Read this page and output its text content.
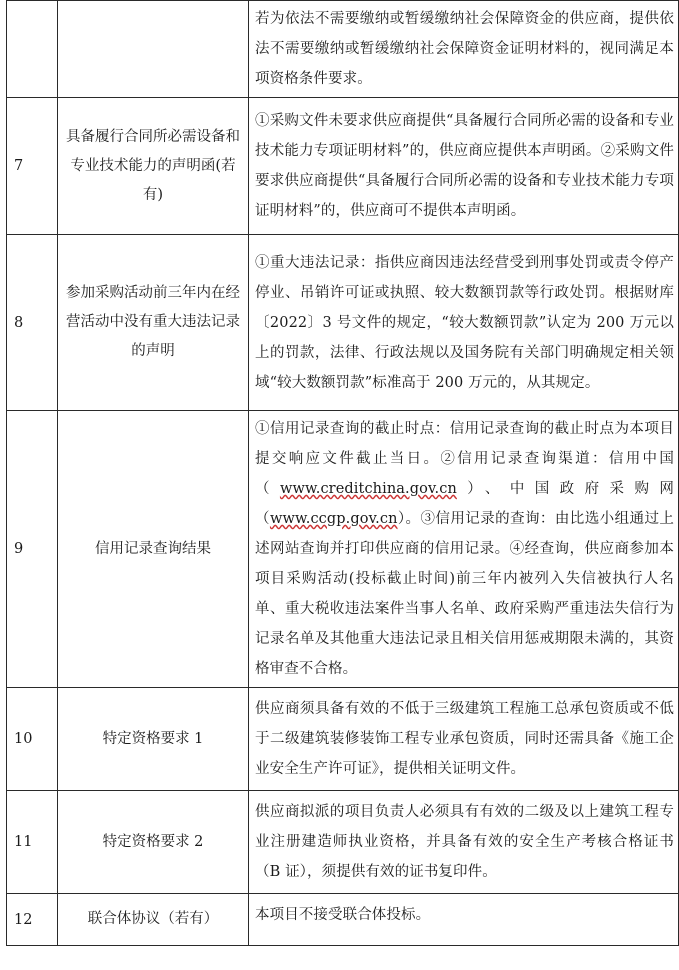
		若为依法不需要缴纳或暂缓缴纳社会保障资金的供应商，提供依法不需要缴纳或暂缓缴纳社会保障资金证明材料的，视同满足本项资格条件要求。
7	具备履行合同所必需设备和专业技术能力的声明函(若有)	①采购文件未要求供应商提供“具备履行合同所必需的设备和专业技术能力专项证明材料”的，供应商应提供本声明函。②采购文件要求供应商提供“具备履行合同所必需的设备和专业技术能力专项证明材料”的，供应商可不提供本声明函。
8	参加采购活动前三年内在经营活动中没有重大违法记录的声明	①重大违法记录：指供应商因违法经营受到刑事处罚或责令停产停业、吊销许可证或执照、较大数额罚款等行政处罚。根据财库〔2022〕3 号文件的规定，“较大数额罚款”认定为 200 万元以上的罚款，法律、行政法规以及国务院有关部门明确规定相关领域“较大数额罚款”标准高于 200 万元的，从其规定。
9	信用记录查询结果	①信用记录查询的截止时点：信用记录查询的截止时点为本项目提交响应文件截止当日。②信用记录查询渠道：信用中国（www.creditchina.gov.cn）、中国政府采购网（www.ccgp.gov.cn）。③信用记录的查询：由比选小组通过上述网站查询并打印供应商的信用记录。④经查询，供应商参加本项目采购活动(投标截止时间)前三年内被列入失信被执行人名单、重大税收违法案件当事人名单、政府采购严重违法失信行为记录名单及其他重大违法记录且相关信用惩戒期限未满的，其资格审查不合格。
10	特定资格要求 1	供应商须具备有效的不低于三级建筑工程施工总承包资质或不低于二级建筑装修装饰工程专业承包资质，同时还需具备《施工企业安全生产许可证》，提供相关证明文件。
11	特定资格要求 2	供应商拟派的项目负责人必须具有有效的二级及以上建筑工程专业注册建造师执业资格，并具备有效的安全生产考核合格证书（B 证），须提供有效的证书复印件。
12	联合体协议（若有）	本项目不接受联合体投标。
